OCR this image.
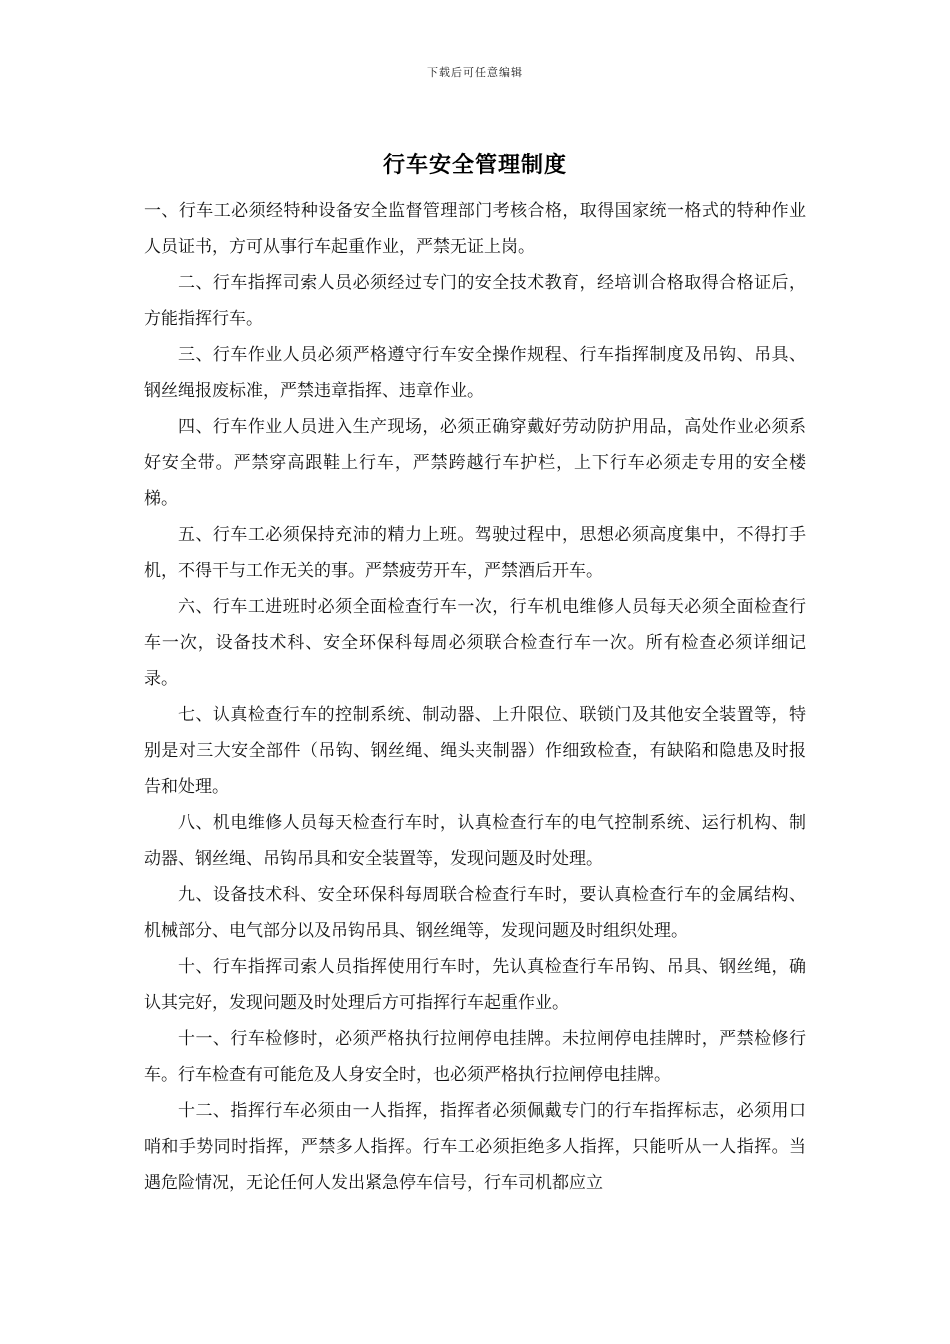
下载后可任意编辑
行车安全管理制度

一、行车工必须经特种设备安全监督管理部门考核合格，取得国家统一格式的特种作业人员证书，方可从事行车起重作业，严禁无证上岗。

二、行车指挥司索人员必须经过专门的安全技术教育，经培训合格取得合格证后，方能指挥行车。

三、行车作业人员必须严格遵守行车安全操作规程、行车指挥制度及吊钩、吊具、钢丝绳报废标准，严禁违章指挥、违章作业。

四、行车作业人员进入生产现场，必须正确穿戴好劳动防护用品，高处作业必须系好安全带。严禁穿高跟鞋上行车，严禁跨越行车护栏，上下行车必须走专用的安全楼梯。

五、行车工必须保持充沛的精力上班。驾驶过程中，思想必须高度集中，不得打手机，不得干与工作无关的事。严禁疲劳开车，严禁酒后开车。

六、行车工进班时必须全面检查行车一次，行车机电维修人员每天必须全面检查行车一次，设备技术科、安全环保科每周必须联合检查行车一次。所有检查必须详细记录。

七、认真检查行车的控制系统、制动器、上升限位、联锁门及其他安全装置等，特别是对三大安全部件（吊钩、钢丝绳、绳头夹制器）作细致检查，有缺陷和隐患及时报告和处理。

八、机电维修人员每天检查行车时，认真检查行车的电气控制系统、运行机构、制动器、钢丝绳、吊钩吊具和安全装置等，发现问题及时处理。

九、设备技术科、安全环保科每周联合检查行车时，要认真检查行车的金属结构、机械部分、电气部分以及吊钩吊具、钢丝绳等，发现问题及时组织处理。

十、行车指挥司索人员指挥使用行车时，先认真检查行车吊钩、吊具、钢丝绳，确认其完好，发现问题及时处理后方可指挥行车起重作业。

十一、行车检修时，必须严格执行拉闸停电挂牌。未拉闸停电挂牌时，严禁检修行车。行车检查有可能危及人身安全时，也必须严格执行拉闸停电挂牌。

十二、指挥行车必须由一人指挥，指挥者必须佩戴专门的行车指挥标志，必须用口哨和手势同时指挥，严禁多人指挥。行车工必须拒绝多人指挥，只能听从一人指挥。当遇危险情况，无论任何人发出紧急停车信号，行车司机都应立
